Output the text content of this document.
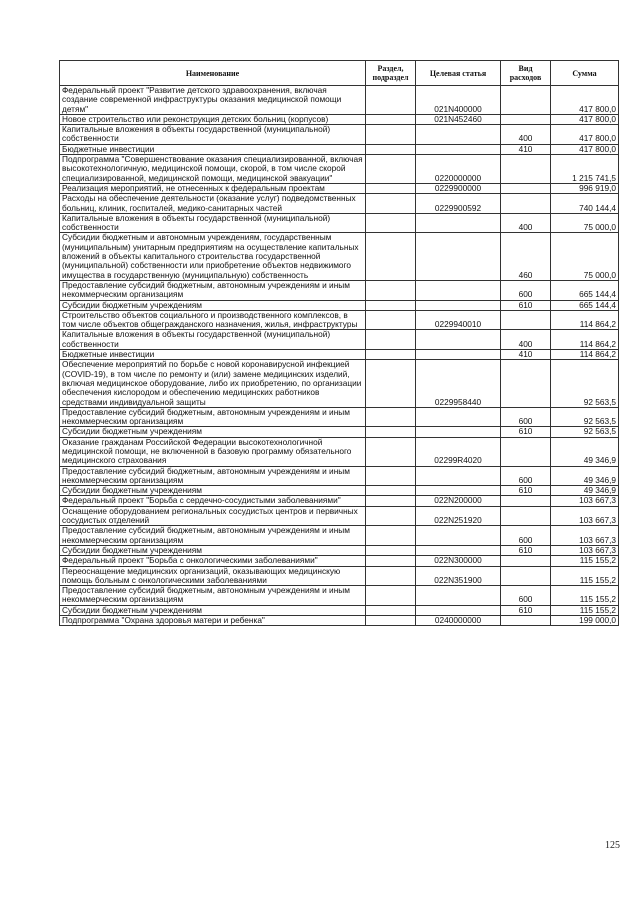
Наименование	Раздел, подраздел	Целевая статья	Вид расходов	Сумма
Федеральный проект "Развитие детского здравоохранения, включая создание современной инфраструктуры оказания медицинской помощи детям"		021N400000		417 800,0
Новое строительство или реконструкция детских больниц (корпусов)		021N452460		417 800,0
Капитальные вложения в объекты государственной (муниципальной) собственности			400	417 800,0
Бюджетные инвестиции			410	417 800,0
Подпрограмма "Совершенствование оказания специализированной, включая высокотехнологичную, медицинской помощи, скорой, в том числе скорой специализированной, медицинской помощи, медицинской эвакуации"		0220000000		1 215 741,5
Реализация мероприятий, не отнесенных к федеральным проектам		0229900000		996 919,0
Расходы на обеспечение деятельности (оказание услуг) подведомственных больниц, клиник, госпиталей, медико-санитарных частей		0229900592		740 144,4
Капитальные вложения в объекты государственной (муниципальной) собственности			400	75 000,0
Субсидии бюджетным и автономным учреждениям, государственным (муниципальным) унитарным предприятиям на осуществление капитальных вложений в объекты капитального строительства государственной (муниципальной) собственности или приобретение объектов недвижимого имущества в государственную (муниципальную) собственность			460	75 000,0
Предоставление субсидий бюджетным, автономным учреждениям и иным некоммерческим организациям			600	665 144,4
Субсидии бюджетным учреждениям			610	665 144,4
Строительство объектов социального и производственного комплексов, в том числе объектов общегражданского назначения, жилья, инфраструктуры		0229940010		114 864,2
Капитальные вложения в объекты государственной (муниципальной) собственности			400	114 864,2
Бюджетные инвестиции			410	114 864,2
Обеспечение мероприятий по борьбе с новой коронавирусной инфекцией (COVID-19), в том числе по ремонту и (или) замене медицинских изделий, включая медицинское оборудование, либо их приобретению, по организации обеспечения кислородом и обеспечению медицинских работников средствами индивидуальной защиты		0229958440		92 563,5
Предоставление субсидий бюджетным, автономным учреждениям и иным некоммерческим организациям			600	92 563,5
Субсидии бюджетным учреждениям			610	92 563,5
Оказание гражданам Российской Федерации высокотехнологичной медицинской помощи, не включенной в базовую программу обязательного медицинского страхования		02299R4020		49 346,9
Предоставление субсидий бюджетным, автономным учреждениям и иным некоммерческим организациям			600	49 346,9
Субсидии бюджетным учреждениям			610	49 346,9
Федеральный проект "Борьба с сердечно-сосудистыми заболеваниями"		022N200000		103 667,3
Оснащение оборудованием региональных сосудистых центров и первичных сосудистых отделений		022N251920		103 667,3
Предоставление субсидий бюджетным, автономным учреждениям и иным некоммерческим организациям			600	103 667,3
Субсидии бюджетным учреждениям			610	103 667,3
Федеральный проект "Борьба с онкологическими заболеваниями"		022N300000		115 155,2
Переоснащение медицинских организаций, оказывающих медицинскую помощь больным с онкологическими заболеваниями		022N351900		115 155,2
Предоставление субсидий бюджетным, автономным учреждениям и иным некоммерческим организациям			600	115 155,2
Субсидии бюджетным учреждениям			610	115 155,2
Подпрограмма "Охрана здоровья матери и ребенка"		0240000000		199 000,0
125
